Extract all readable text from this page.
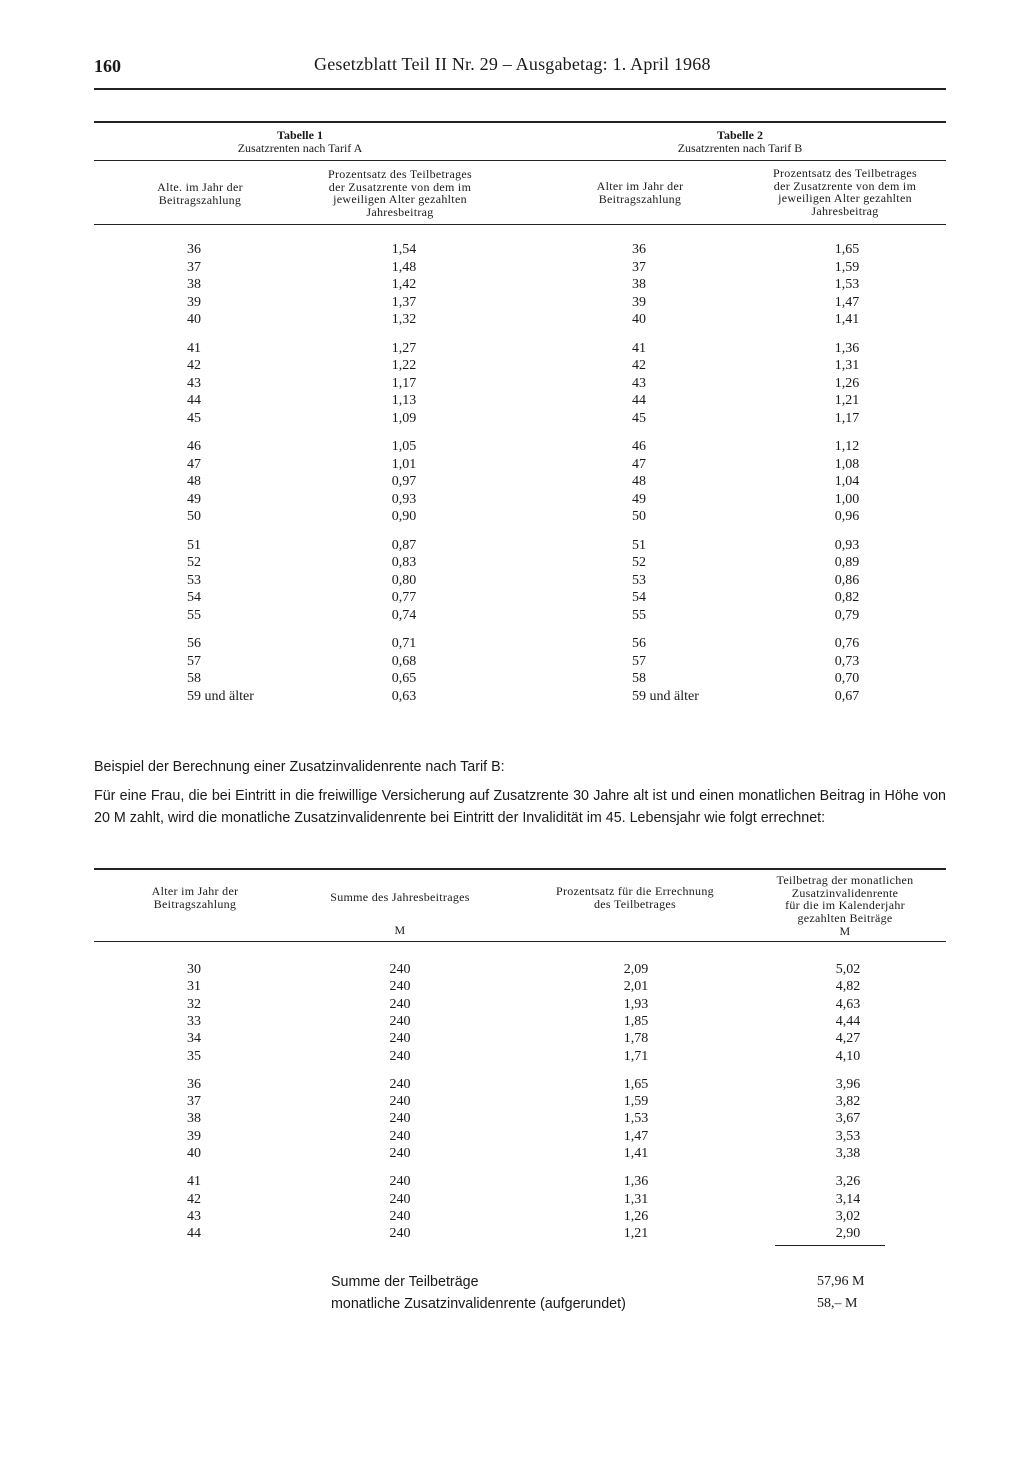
160	Gesetzblatt Teil II Nr. 29 – Ausgabetag: 1. April 1968
Tabelle 1
Zusatzrenten nach Tarif A
Tabelle 2
Zusatzrenten nach Tarif B
Alte. im Jahr der
Beitragszahlung
Prozentsatz des Teilbetrages
der Zusatzrente von dem im
jeweiligen Alter gezahlten
Jahresbeitrag
Alter im Jahr der
Beitragszahlung
Prozentsatz des Teilbetrages
der Zusatzrente von dem im
jeweiligen Alter gezahlten
Jahresbeitrag
36	1,54
37	1,48
38	1,42
39	1,37
40	1,32
41	1,27
42	1,22
43	1,17
44	1,13
45	1,09
46	1,05
47	1,01
48	0,97
49	0,93
50	0,90
51	0,87
52	0,83
53	0,80
54	0,77
55	0,74
56	0,71
57	0,68
58	0,65
59 und älter	0,63
36	1,65
37	1,59
38	1,53
39	1,47
40	1,41
41	1,36
42	1,31
43	1,26
44	1,21
45	1,17
46	1,12
47	1,08
48	1,04
49	1,00
50	0,96
51	0,93
52	0,89
53	0,86
54	0,82
55	0,79
56	0,76
57	0,73
58	0,70
59 und älter	0,67
Beispiel der Berechnung einer Zusatzinvalidenrente nach Tarif B:
Für eine Frau, die bei Eintritt in die freiwillige Versicherung auf Zusatzrente 30 Jahre alt ist und einen monatlichen Beitrag in Höhe von 20 M zahlt, wird die monatliche Zusatzinvalidenrente bei Eintritt der Invalidität im 45. Lebensjahr wie folgt errechnet:
Alter im Jahr der
Beitragszahlung	Summe des Jahresbeitrages
M
Prozentsatz für die Errechnung
des Teilbetrages
Teilbetrag der monatlichen
Zusatzinvalidenrente
für die im Kalenderjahr
gezahlten Beiträge
M
30	240	2,09	5,02
31	240	2,01	4,82
32	240	1,93	4,63
33	240	1,85	4,44
34	240	1,78	4,27
35	240	1,71	4,10
36	240	1,65	3,96
37	240	1,59	3,82
38	240	1,53	3,67
39	240	1,47	3,53
40	240	1,41	3,38
41	240	1,36	3,26
42	240	1,31	3,14
43	240	1,26	3,02
44	240	1,21	2,90
Summe der Teilbeträge	57,96 M
monatliche Zusatzinvalidenrente (aufgerundet)	58,– M
